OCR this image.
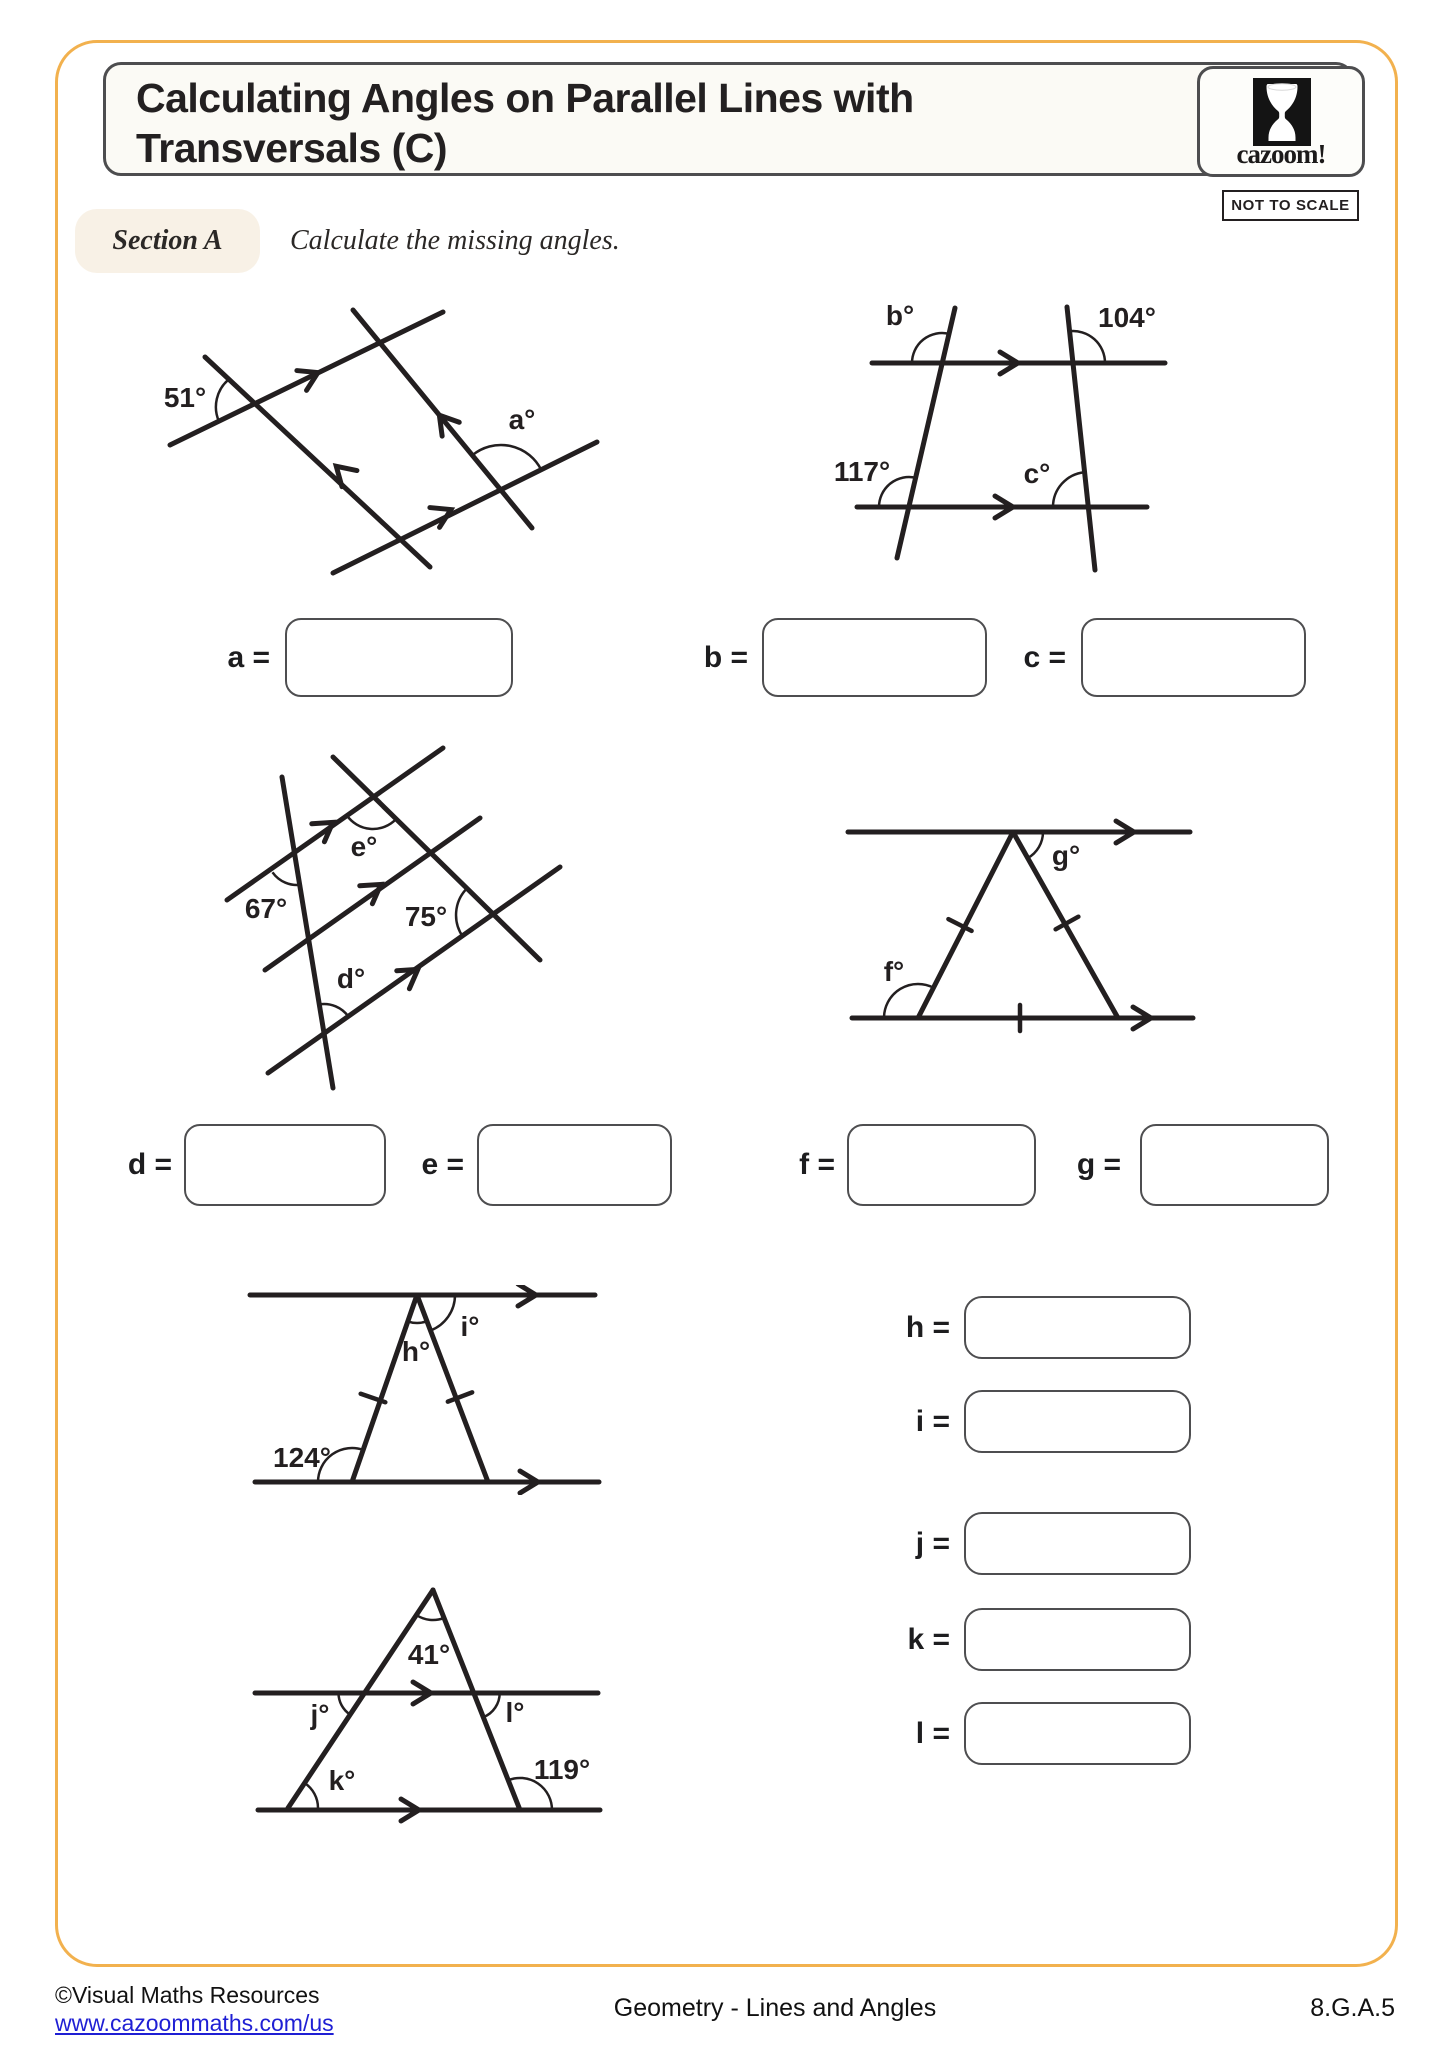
Calculating Angles on Parallel Lines with Transversals (C)	cazoom!
NOT TO SCALE
Section A	Calculate the missing angles.
51°
a°
b°	104°
117°	c°
a =	b =	c =
67°
e°
75°
d°	f°
g°
d =	e =	f =	g =
h°
i°
124°
41°
j°	l°
k°	119°
h =
i =
j =
k =
l =
©Visual Maths Resources
www.cazoommaths.com/us
Geometry - Lines and Angles	8.G.A.5
